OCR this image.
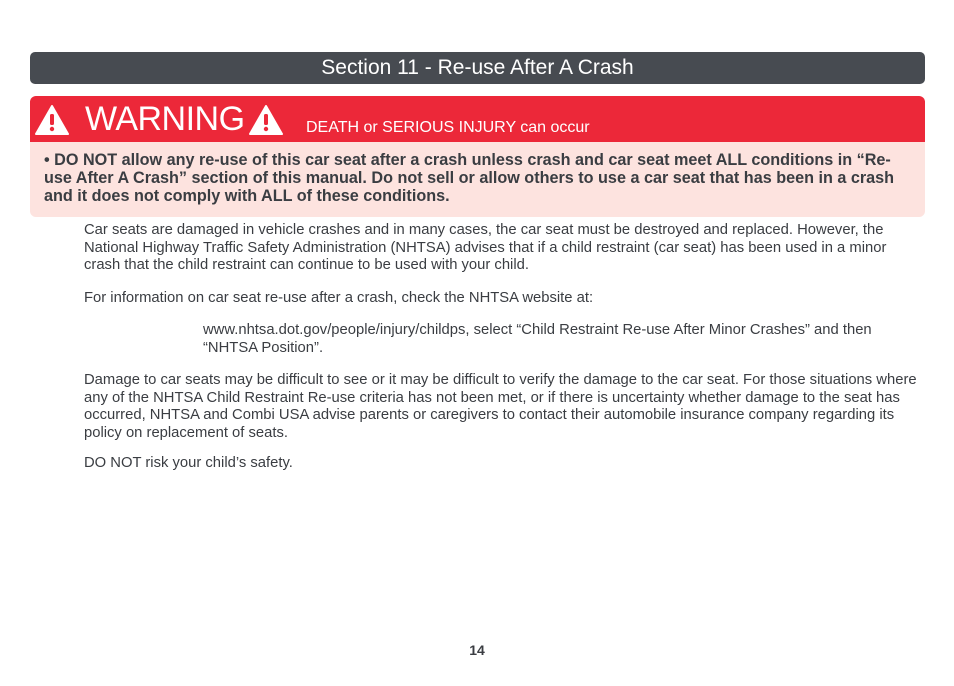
Section 11 - Re-use After A Crash
WARNING	DEATH or SERIOUS INJURY can occur

• DO NOT allow any re-use of this car seat after a crash unless crash and car seat meet ALL conditions in “Re-use After A Crash” section of this manual. Do not sell or allow others to use a car seat that has been in a crash and it does not comply with ALL of these conditions.

Car seats are damaged in vehicle crashes and in many cases, the car seat must be destroyed and replaced. However, the National Highway Traffic Safety Administration (NHTSA) advises that if a child restraint (car seat) has been used in a minor crash that the child restraint can continue to be used with your child.

For information on car seat re-use after a crash, check the NHTSA website at:

www.nhtsa.dot.gov/people/injury/childps, select “Child Restraint Re-use After Minor Crashes” and then “NHTSA Position”.

Damage to car seats may be difficult to see or it may be difficult to verify the damage to the car seat. For those situations where any of the NHTSA Child Restraint Re-use criteria has not been met, or if there is uncertainty whether damage to the seat has occurred, NHTSA and Combi USA advise parents or caregivers to contact their automobile insurance company regarding its policy on replacement of seats.

DO NOT risk your child’s safety.

14
